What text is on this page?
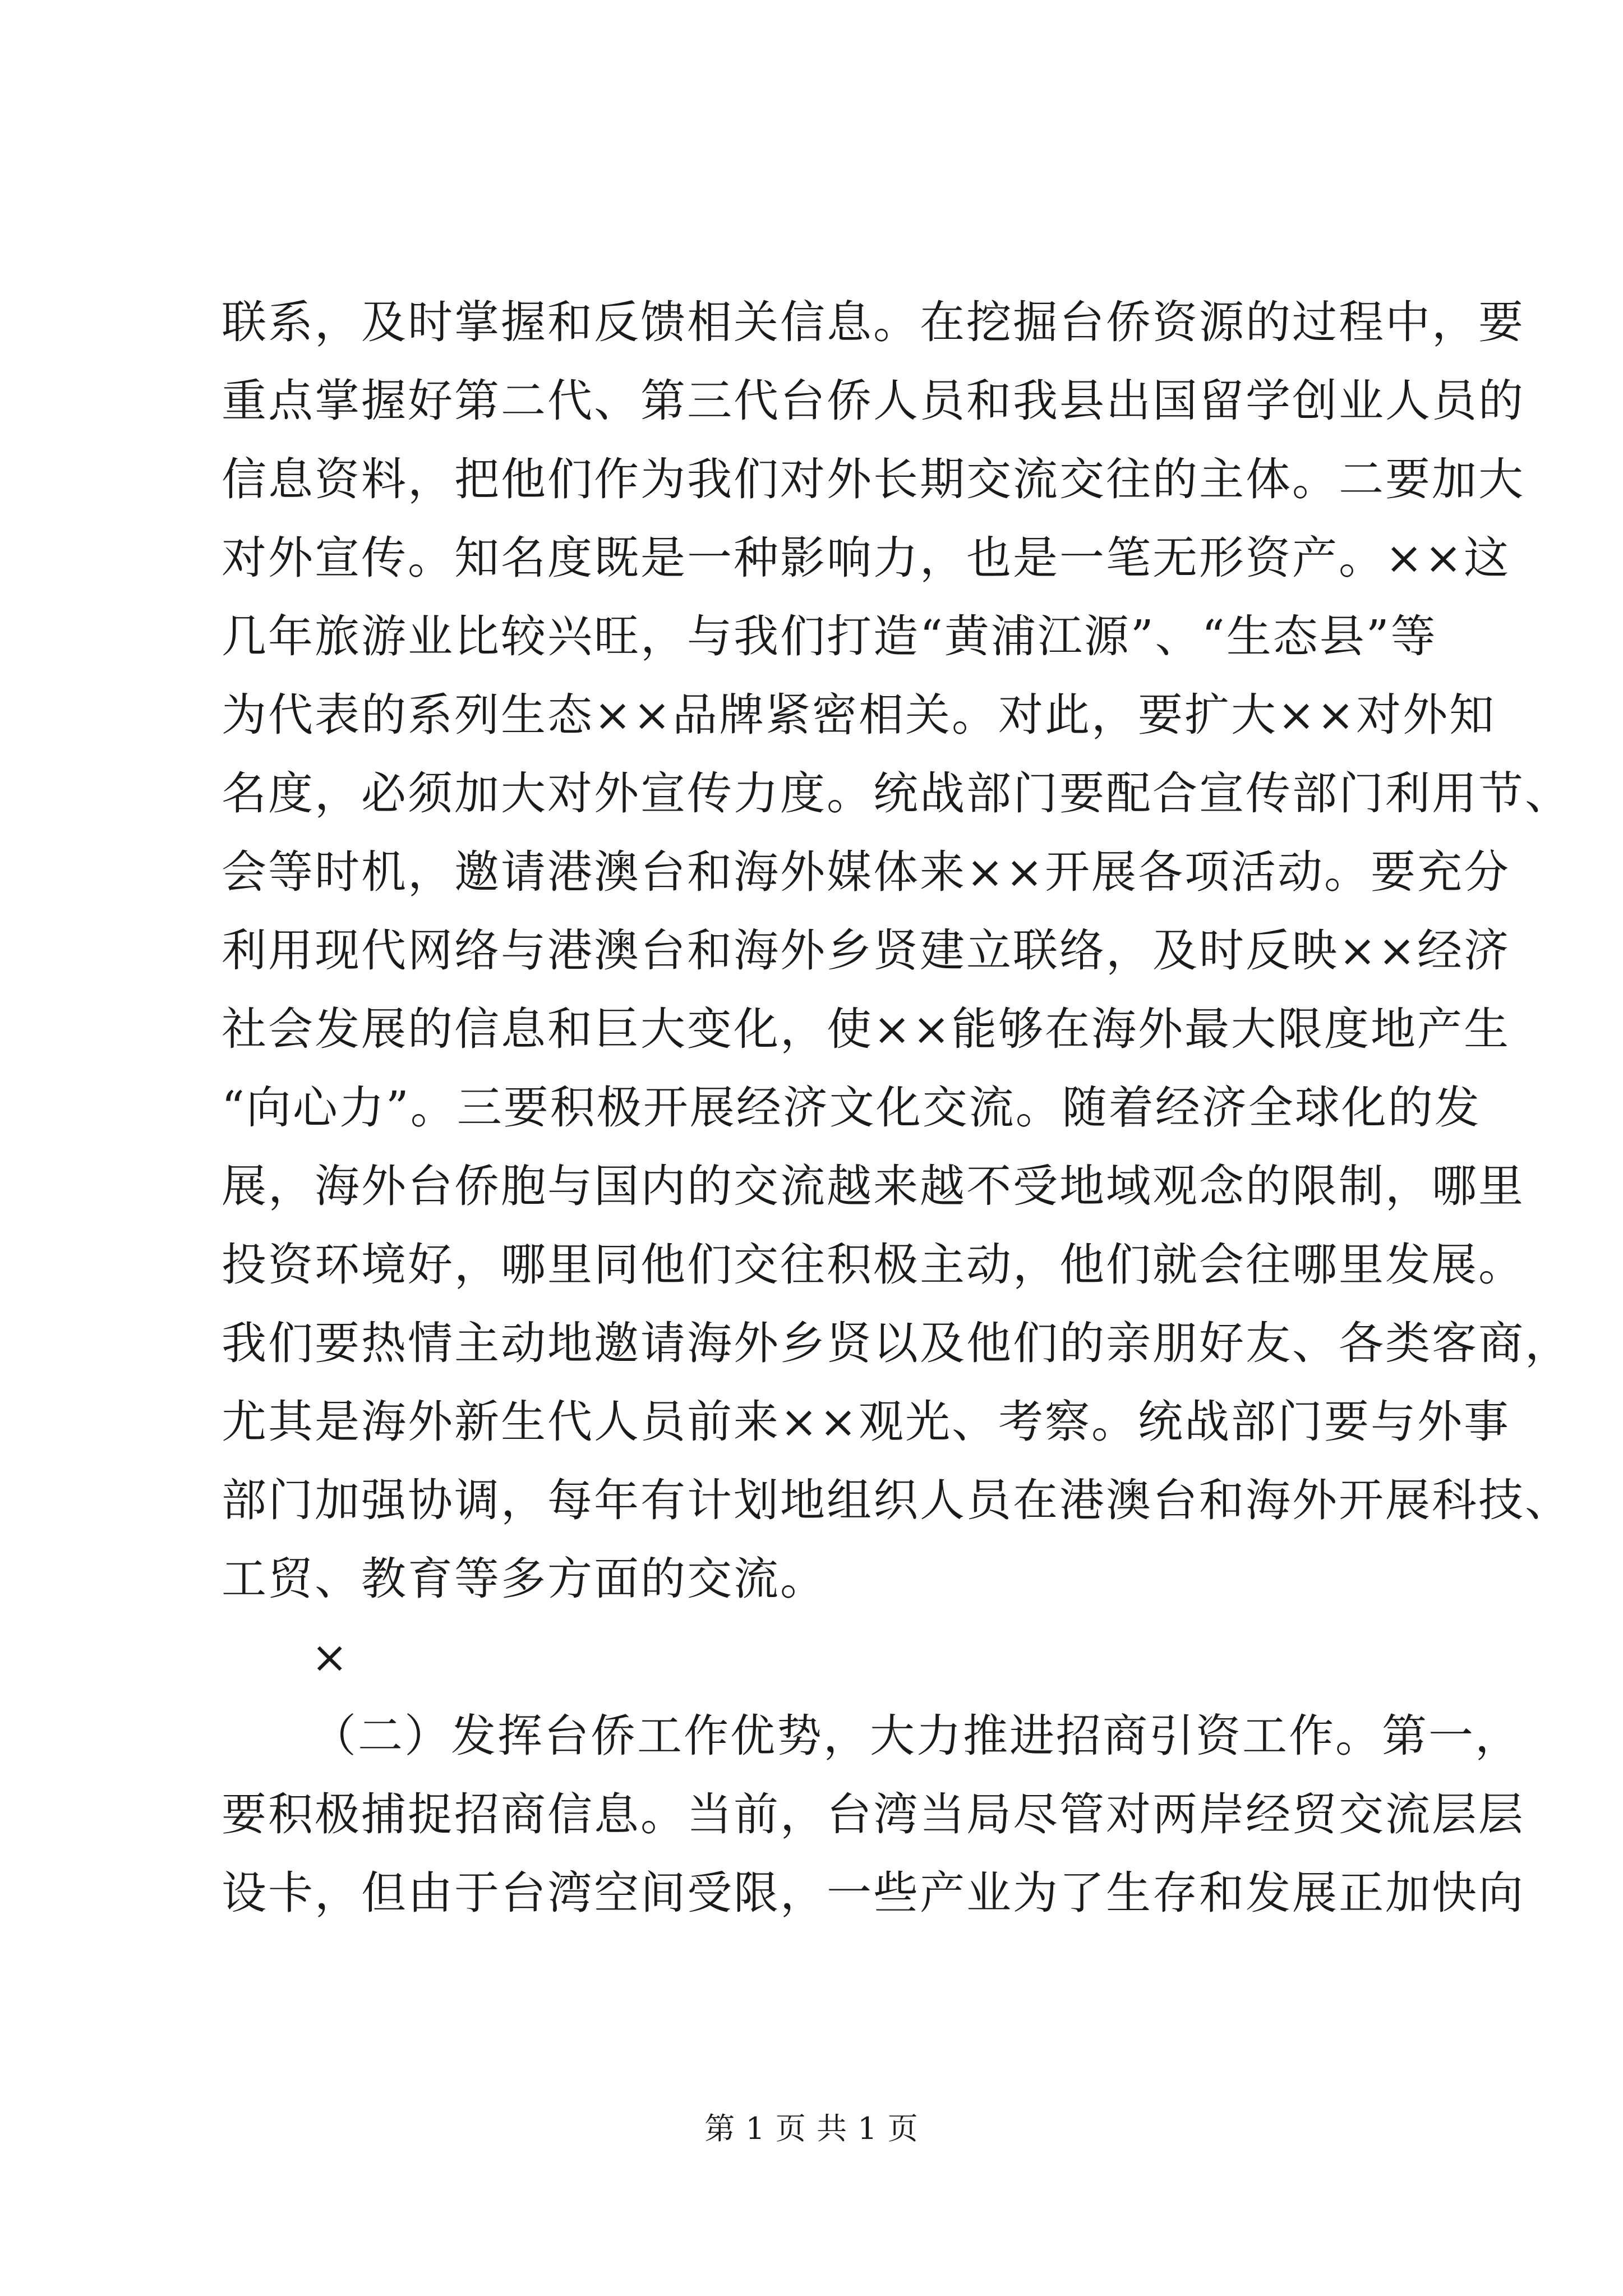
联系，及时掌握和反馈相关信息。在挖掘台侨资源的过程中，要
重点掌握好第二代、第三代台侨人员和我县出国留学创业人员的
信息资料，把他们作为我们对外长期交流交往的主体。二要加大
对外宣传。知名度既是一种影响力，也是一笔无形资产。××这
几年旅游业比较兴旺，与我们打造“黄浦江源”、“生态县”等
为代表的系列生态××品牌紧密相关。对此，要扩大××对外知
名度，必须加大对外宣传力度。统战部门要配合宣传部门利用节、
会等时机，邀请港澳台和海外媒体来××开展各项活动。要充分
利用现代网络与港澳台和海外乡贤建立联络，及时反映××经济
社会发展的信息和巨大变化，使××能够在海外最大限度地产生
“向心力”。三要积极开展经济文化交流。随着经济全球化的发
展，海外台侨胞与国内的交流越来越不受地域观念的限制，哪里
投资环境好，哪里同他们交往积极主动，他们就会往哪里发展。
我们要热情主动地邀请海外乡贤以及他们的亲朋好友、各类客商，
尤其是海外新生代人员前来××观光、考察。统战部门要与外事
部门加强协调，每年有计划地组织人员在港澳台和海外开展科技、
工贸、教育等多方面的交流。
×
（二）发挥台侨工作优势，大力推进招商引资工作。第一，
要积极捕捉招商信息。当前，台湾当局尽管对两岸经贸交流层层
设卡，但由于台湾空间受限，一些产业为了生存和发展正加快向
第 1 页 共 1 页
